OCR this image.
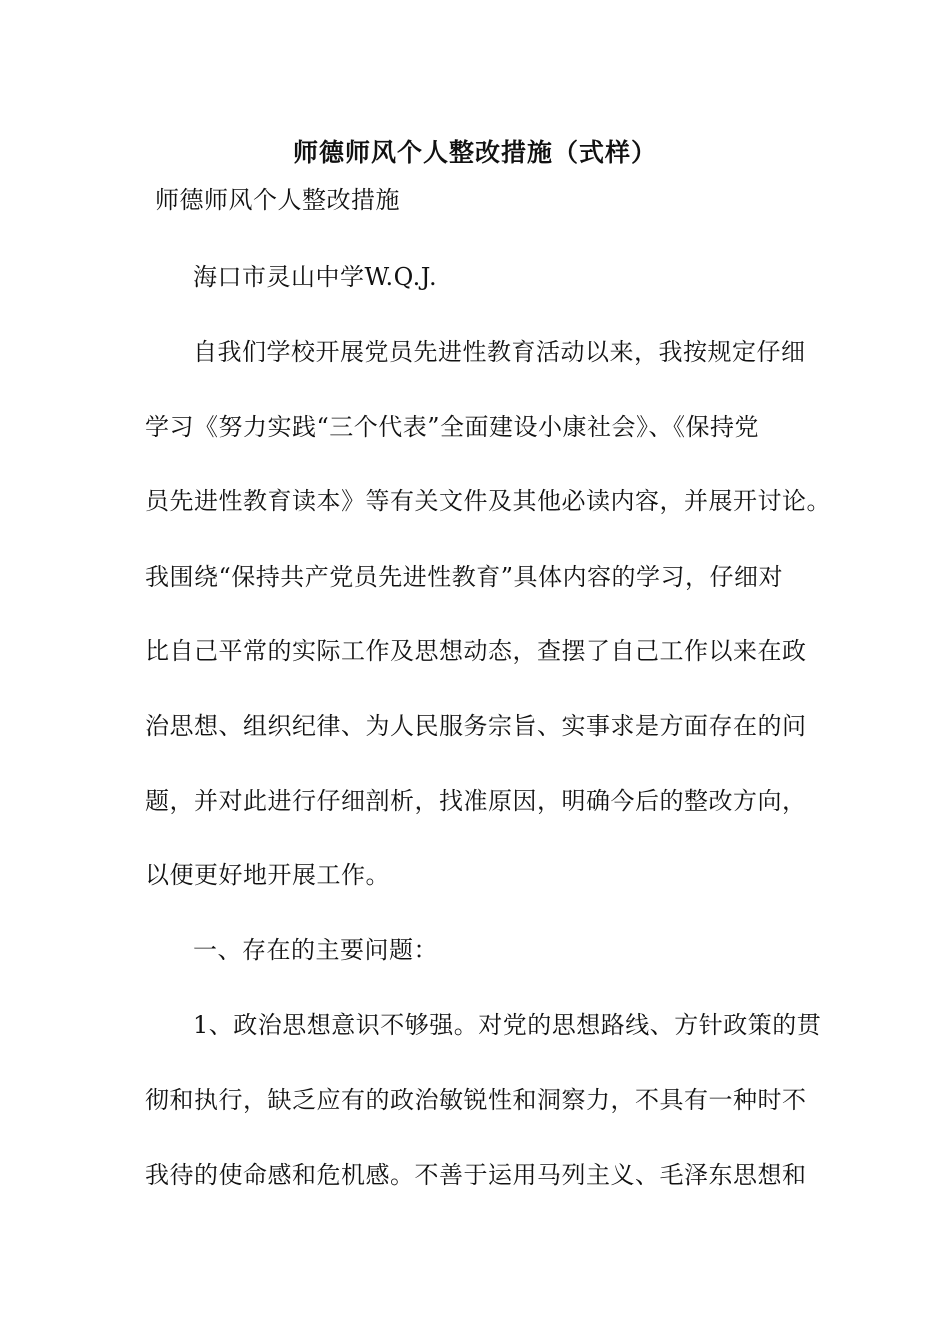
师德师风个人整改措施（式样）
师德师风个人整改措施
海口市灵山中学W.Q.J.
自我们学校开展党员先进性教育活动以来，我按规定仔细
学习《努力实践“三个代表”全面建设小康社会》、《保持党
员先进性教育读本》等有关文件及其他必读内容，并展开讨论。
我围绕“保持共产党员先进性教育”具体内容的学习，仔细对
比自己平常的实际工作及思想动态，查摆了自己工作以来在政
治思想、组织纪律、为人民服务宗旨、实事求是方面存在的问
题，并对此进行仔细剖析，找准原因，明确今后的整改方向，
以便更好地开展工作。
一、存在的主要问题：
1、政治思想意识不够强。对党的思想路线、方针政策的贯
彻和执行，缺乏应有的政治敏锐性和洞察力，不具有一种时不
我待的使命感和危机感。不善于运用马列主义、毛泽东思想和
